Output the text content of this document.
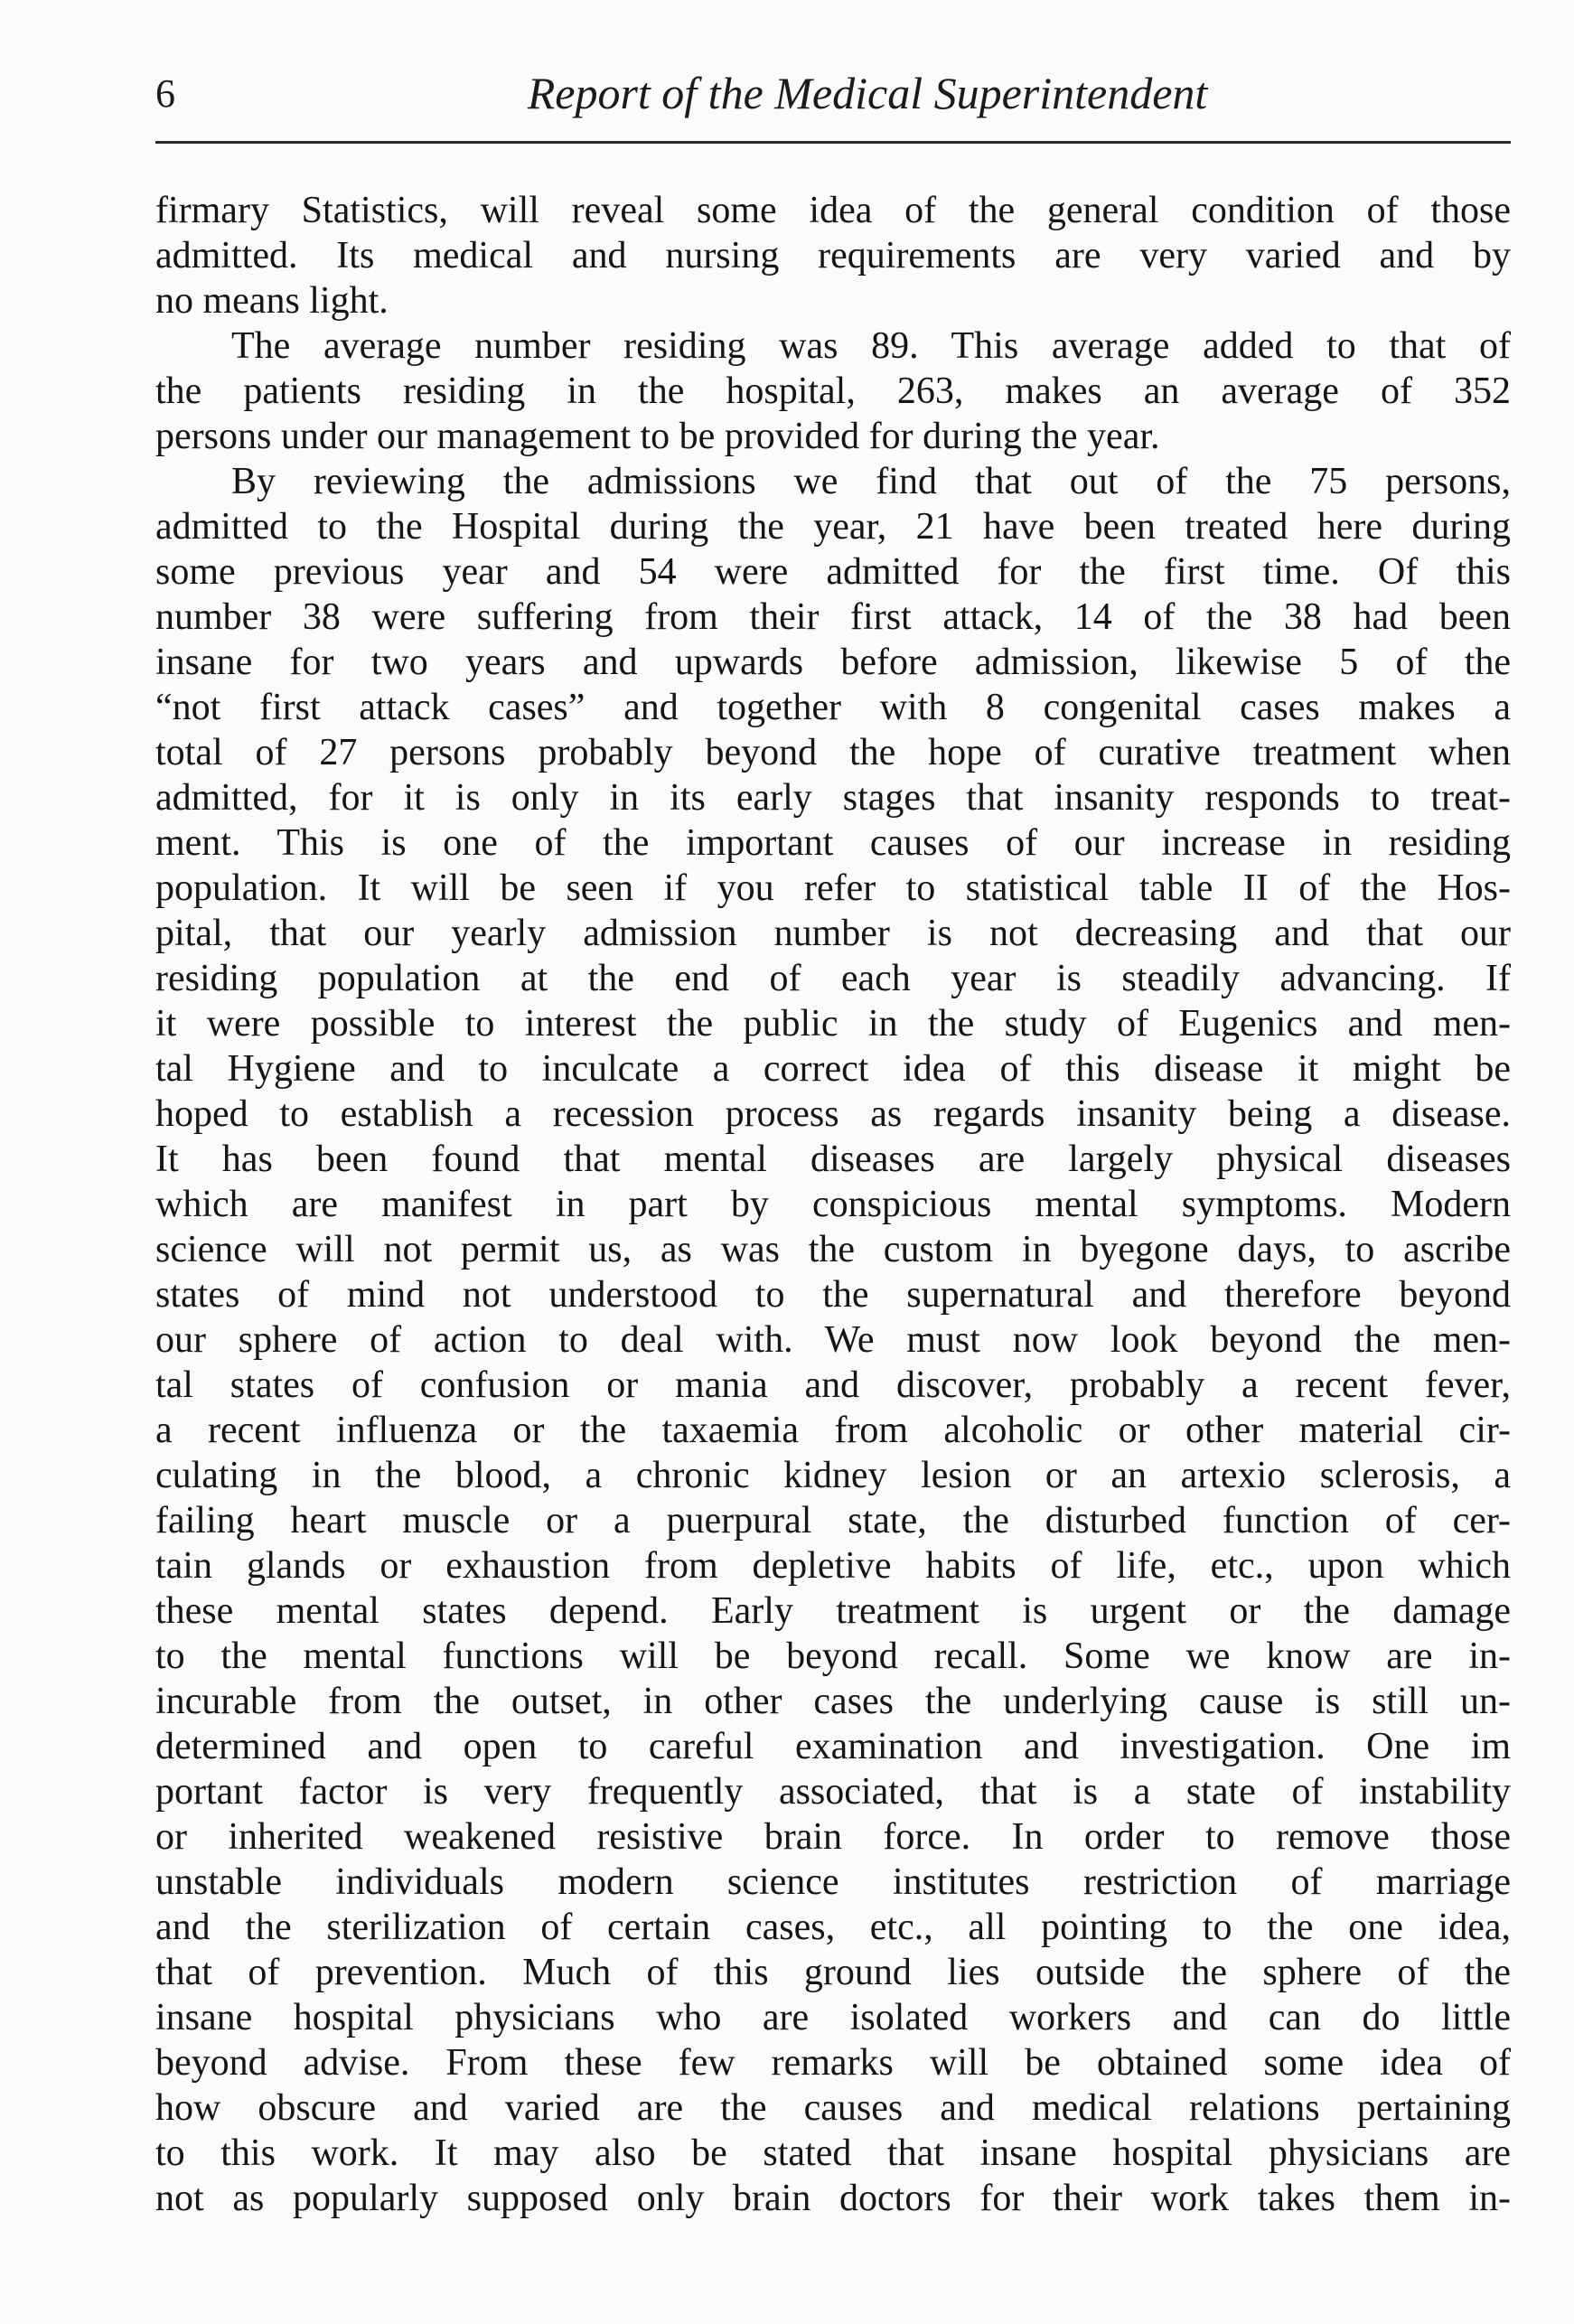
6	Report of the Medical Superintendent
firmary Statistics, will reveal some idea of the general condition of those
admitted. Its medical and nursing requirements are very varied and by
no means light.
The average number residing was 89. This average added to that of
the patients residing in the hospital, 263, makes an average of 352
persons under our management to be provided for during the year.
By reviewing the admissions we find that out of the 75 persons,
admitted to the Hospital during the year, 21 have been treated here during
some previous year and 54 were admitted for the first time. Of this
number 38 were suffering from their first attack, 14 of the 38 had been
insane for two years and upwards before admission, likewise 5 of the
“not first attack cases” and together with 8 congenital cases makes a
total of 27 persons probably beyond the hope of curative treatment when
admitted, for it is only in its early stages that insanity responds to treat-
ment. This is one of the important causes of our increase in residing
population. It will be seen if you refer to statistical table II of the Hos-
pital, that our yearly admission number is not decreasing and that our
residing population at the end of each year is steadily advancing. If
it were possible to interest the public in the study of Eugenics and men-
tal Hygiene and to inculcate a correct idea of this disease it might be
hoped to establish a recession process as regards insanity being a disease.
It has been found that mental diseases are largely physical diseases
which are manifest in part by conspicious mental symptoms. Modern
science will not permit us, as was the custom in byegone days, to ascribe
states of mind not understood to the supernatural and therefore beyond
our sphere of action to deal with. We must now look beyond the men-
tal states of confusion or mania and discover, probably a recent fever,
a recent influenza or the taxaemia from alcoholic or other material cir-
culating in the blood, a chronic kidney lesion or an artexio sclerosis, a
failing heart muscle or a puerpural state, the disturbed function of cer-
tain glands or exhaustion from depletive habits of life, etc., upon which
these mental states depend. Early treatment is urgent or the damage
to the mental functions will be beyond recall. Some we know are in-
incurable from the outset, in other cases the underlying cause is still un-
determined and open to careful examination and investigation. One im
portant factor is very frequently associated, that is a state of instability
or inherited weakened resistive brain force. In order to remove those
unstable individuals modern science institutes restriction of marriage
and the sterilization of certain cases, etc., all pointing to the one idea,
that of prevention. Much of this ground lies outside the sphere of the
insane hospital physicians who are isolated workers and can do little
beyond advise. From these few remarks will be obtained some idea of
how obscure and varied are the causes and medical relations pertaining
to this work. It may also be stated that insane hospital physicians are
not as popularly supposed only brain doctors for their work takes them in-
